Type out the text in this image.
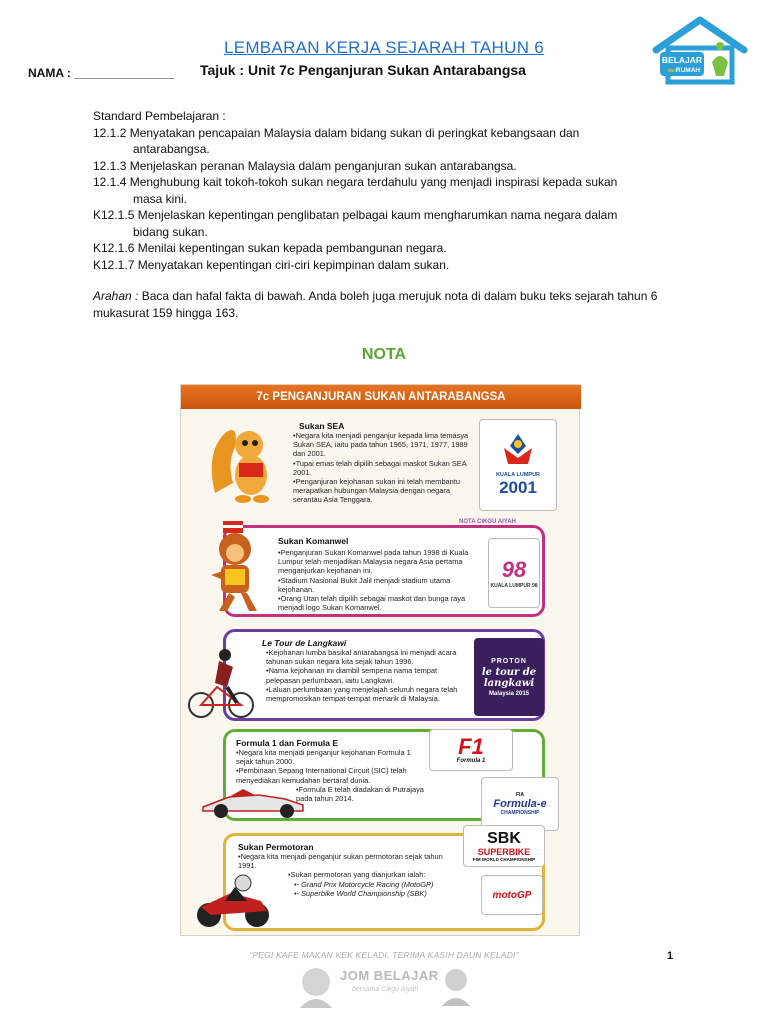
LEMBARAN KERJA SEJARAH TAHUN 6
NAMA : _______________ Tajuk : Unit 7c Penganjuran Sukan Antarabangsa
BELAJAR
dari RUMAH
Standard Pembelajaran :
12.1.2 Menyatakan pencapaian Malaysia dalam bidang sukan di peringkat kebangsaan dan
antarabangsa.
12.1.3 Menjelaskan peranan Malaysia dalam penganjuran sukan antarabangsa.
12.1.4 Menghubung kait tokoh-tokoh sukan negara terdahulu yang menjadi inspirasi kepada sukan
masa kini.
K12.1.5 Menjelaskan kepentingan penglibatan pelbagai kaum mengharumkan nama negara dalam
bidang sukan.
K12.1.6 Menilai kepentingan sukan kepada pembangunan negara.
K12.1.7 Menyatakan kepentingan ciri-ciri kepimpinan dalam sukan.
Arahan : Baca dan hafal fakta di bawah. Anda boleh juga merujuk nota di dalam buku teks sejarah tahun 6 mukasurat 159 hingga 163.
NOTA
7c PENGANJURAN SUKAN ANTARABANGSA
Sukan SEA
• Negara kita menjadi penganjur kepada lima temasya Sukan SEA, iaitu pada tahun 1965, 1971, 1977, 1989 dan 2001.
• Tupai emas telah dipilih sebagai maskot Sukan SEA 2001.
• Penganjuran kejohanan sukan ini telah membantu merapatkan hubungan Malaysia dengan negara serantau Asia Tenggara.
KUALA LUMPUR
2001
NOTA CIKGU AIYAH
Sukan Komanwel
• Penganjuran Sukan Komanwel pada tahun 1998 di Kuala Lumpur telah menjadikan Malaysia negara Asia pertama menganjurkan kejohanan ini.
• Stadium Nasional Bukit Jalil menjadi stadium utama kejohanan.
• Orang Utan telah dipilih sebagai maskot dan bunga raya menjadi logo Sukan Komanwel.
98
KUALA LUMPUR 98
Le Tour de Langkawi
• Kejohanan lumba basikal antarabangsa ini menjadi acara tahunan sukan negara kita sejak tahun 1996.
• Nama kejohanan ini diambil sempena nama tempat pelepasan perlumbaan, iaitu Langkawi.
• Laluan perlumbaan yang menjelajah seluruh negara telah mempromosikan tempat-tempat menarik di Malaysia.
PROTON
le tour de langkawi
Malaysia 2015
Formula 1 dan Formula E
• Negara kita menjadi penganjur kejohanan Formula 1 sejak tahun 2000.
• Pembinaan Sepang International Circuit (SIC) telah menyediakan kemudahan bertaraf dunia.
• Formula E telah diadakan di Putrajaya pada tahun 2014.
F1
Formula 1
FIA
Formula-e
CHAMPIONSHIP
Sukan Permotoran
• Negara kita menjadi penganjur sukan permotoran sejak tahun 1991.
• Sukan permotoran yang dianjurkan ialah:
• - Grand Prix Motorcycle Racing (MotoGP)
• - Superbike World Championship (SBK)
SBK
SUPERBIKE
FIM WORLD CHAMPIONSHIP
motoGP
“PEGI KAFE MAKAN KEK KELADI, TERIMA KASIH DAUN KELADI”	1
JOM BELAJAR
bersama Cikgu Aiyah
